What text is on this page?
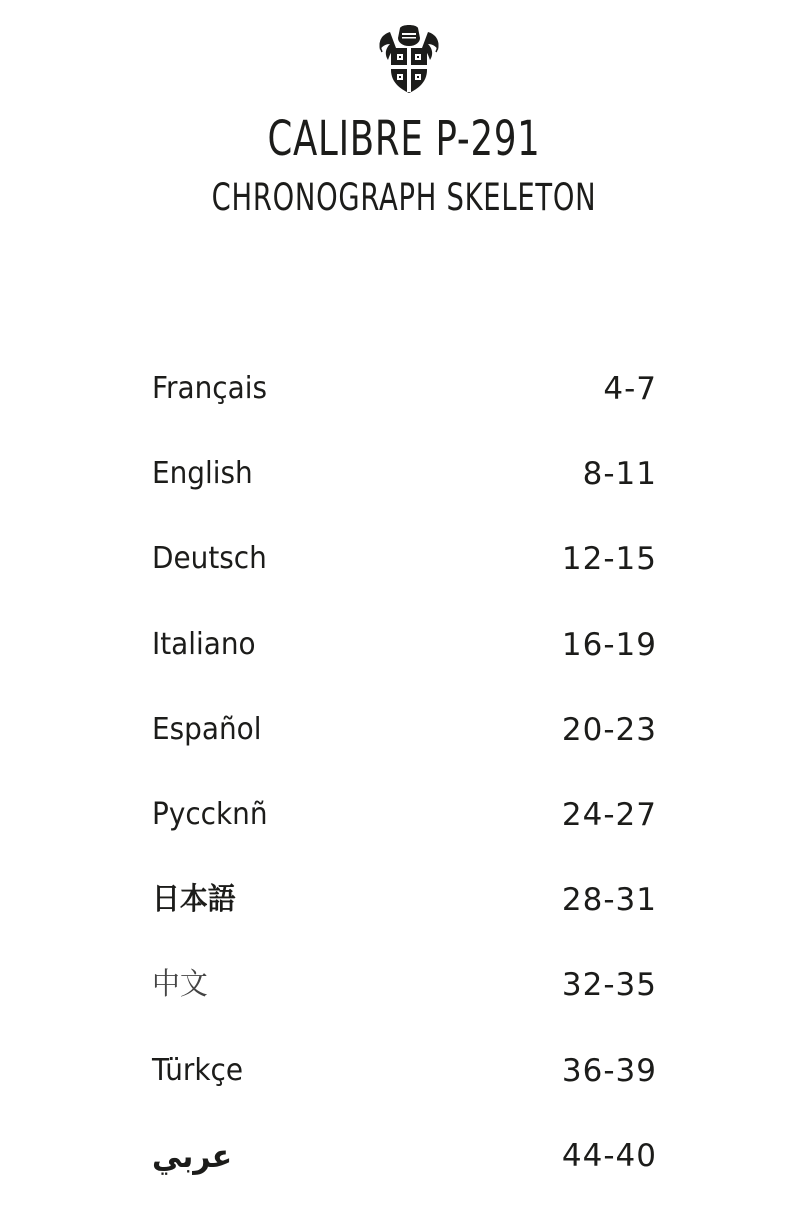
CALIBRE P-291
CHRONOGRAPH SKELETON
Français	4-7
English	8-11
Deutsch	12-15
Italiano	16-19
Español	20-23
Pyccknñ	24-27
日本語	28-31
中文	32-35
Türkçe	36-39
عربي	44-40
